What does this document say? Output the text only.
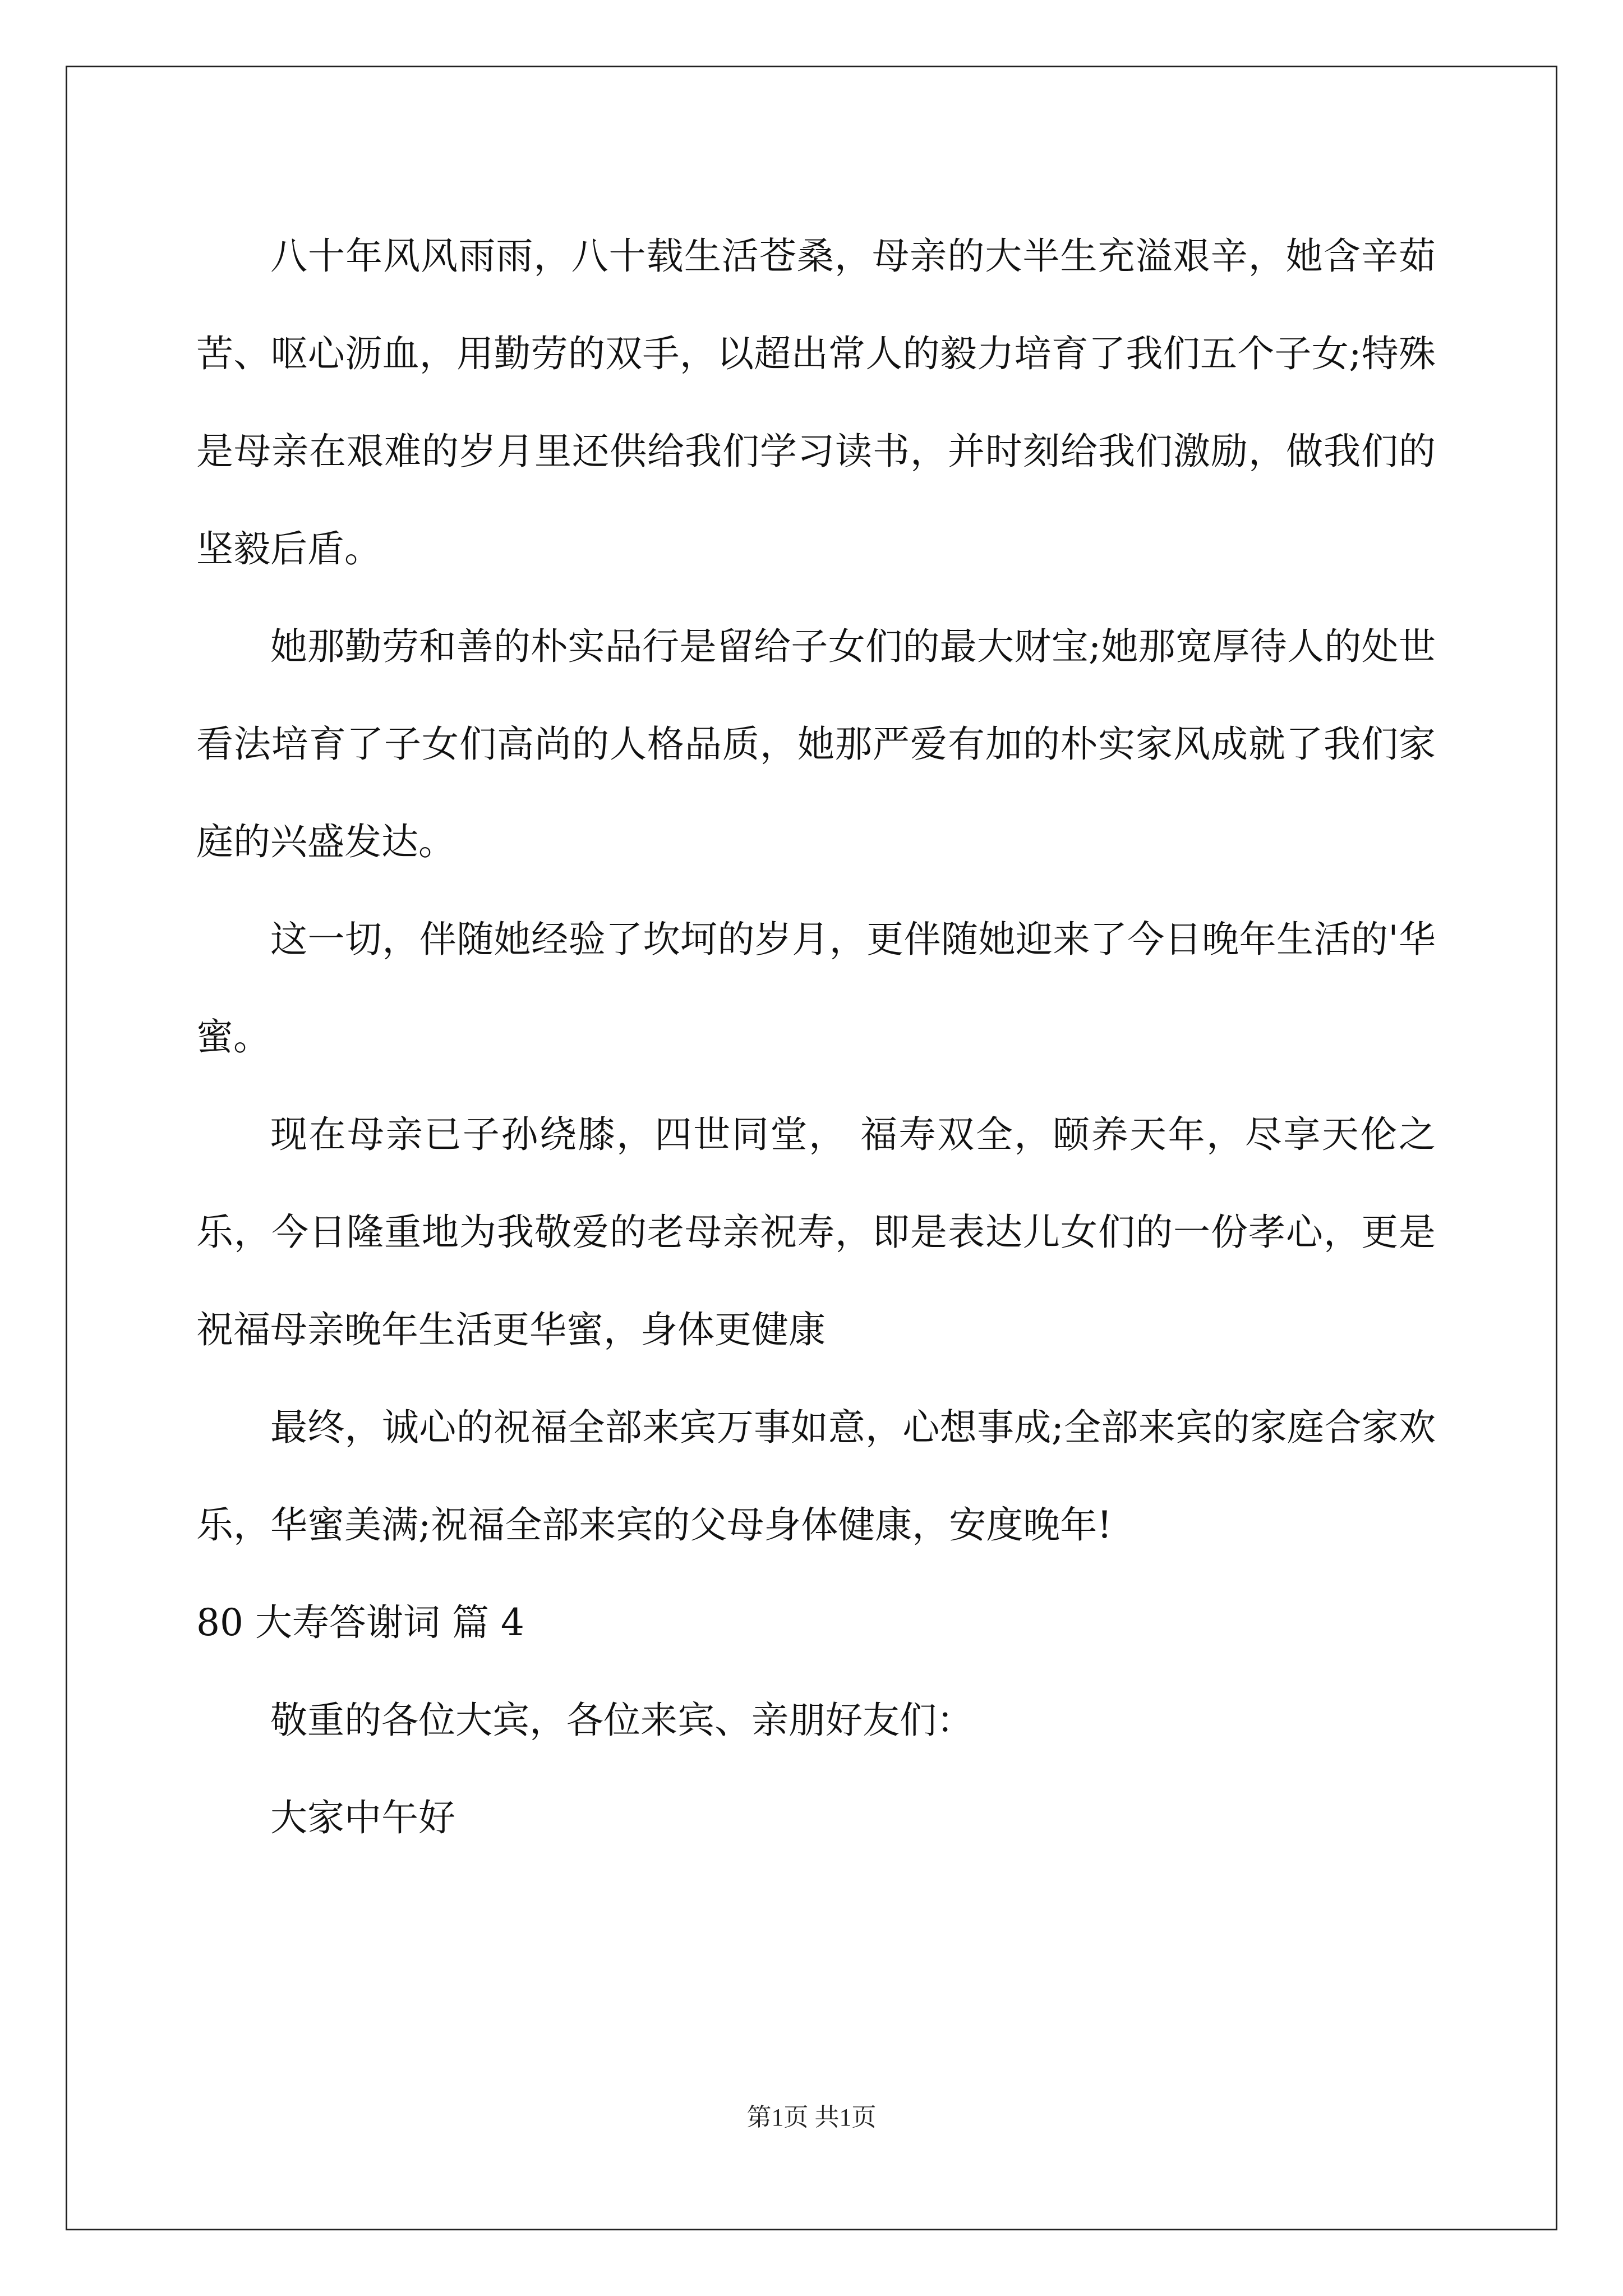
八十年风风雨雨，八十载生活苍桑，母亲的大半生充溢艰辛，她含辛茹苦、呕心沥血，用勤劳的双手，以超出常人的毅力培育了我们五个子女;特殊是母亲在艰难的岁月里还供给我们学习读书，并时刻给我们激励，做我们的坚毅后盾。

她那勤劳和善的朴实品行是留给子女们的最大财宝;她那宽厚待人的处世看法培育了子女们高尚的人格品质，她那严爱有加的朴实家风成就了我们家庭的兴盛发达。

这一切，伴随她经验了坎坷的岁月，更伴随她迎来了今日晚年生活的'华蜜。

现在母亲已子孙绕膝，四世同堂， 福寿双全，颐养天年，尽享天伦之乐，今日隆重地为我敬爱的老母亲祝寿，即是表达儿女们的一份孝心，更是祝福母亲晚年生活更华蜜，身体更健康

最终，诚心的祝福全部来宾万事如意，心想事成;全部来宾的家庭合家欢乐，华蜜美满;祝福全部来宾的父母身体健康，安度晚年!

80 大寿答谢词 篇 4

敬重的各位大宾，各位来宾、亲朋好友们：

大家中午好

第1页 共1页
